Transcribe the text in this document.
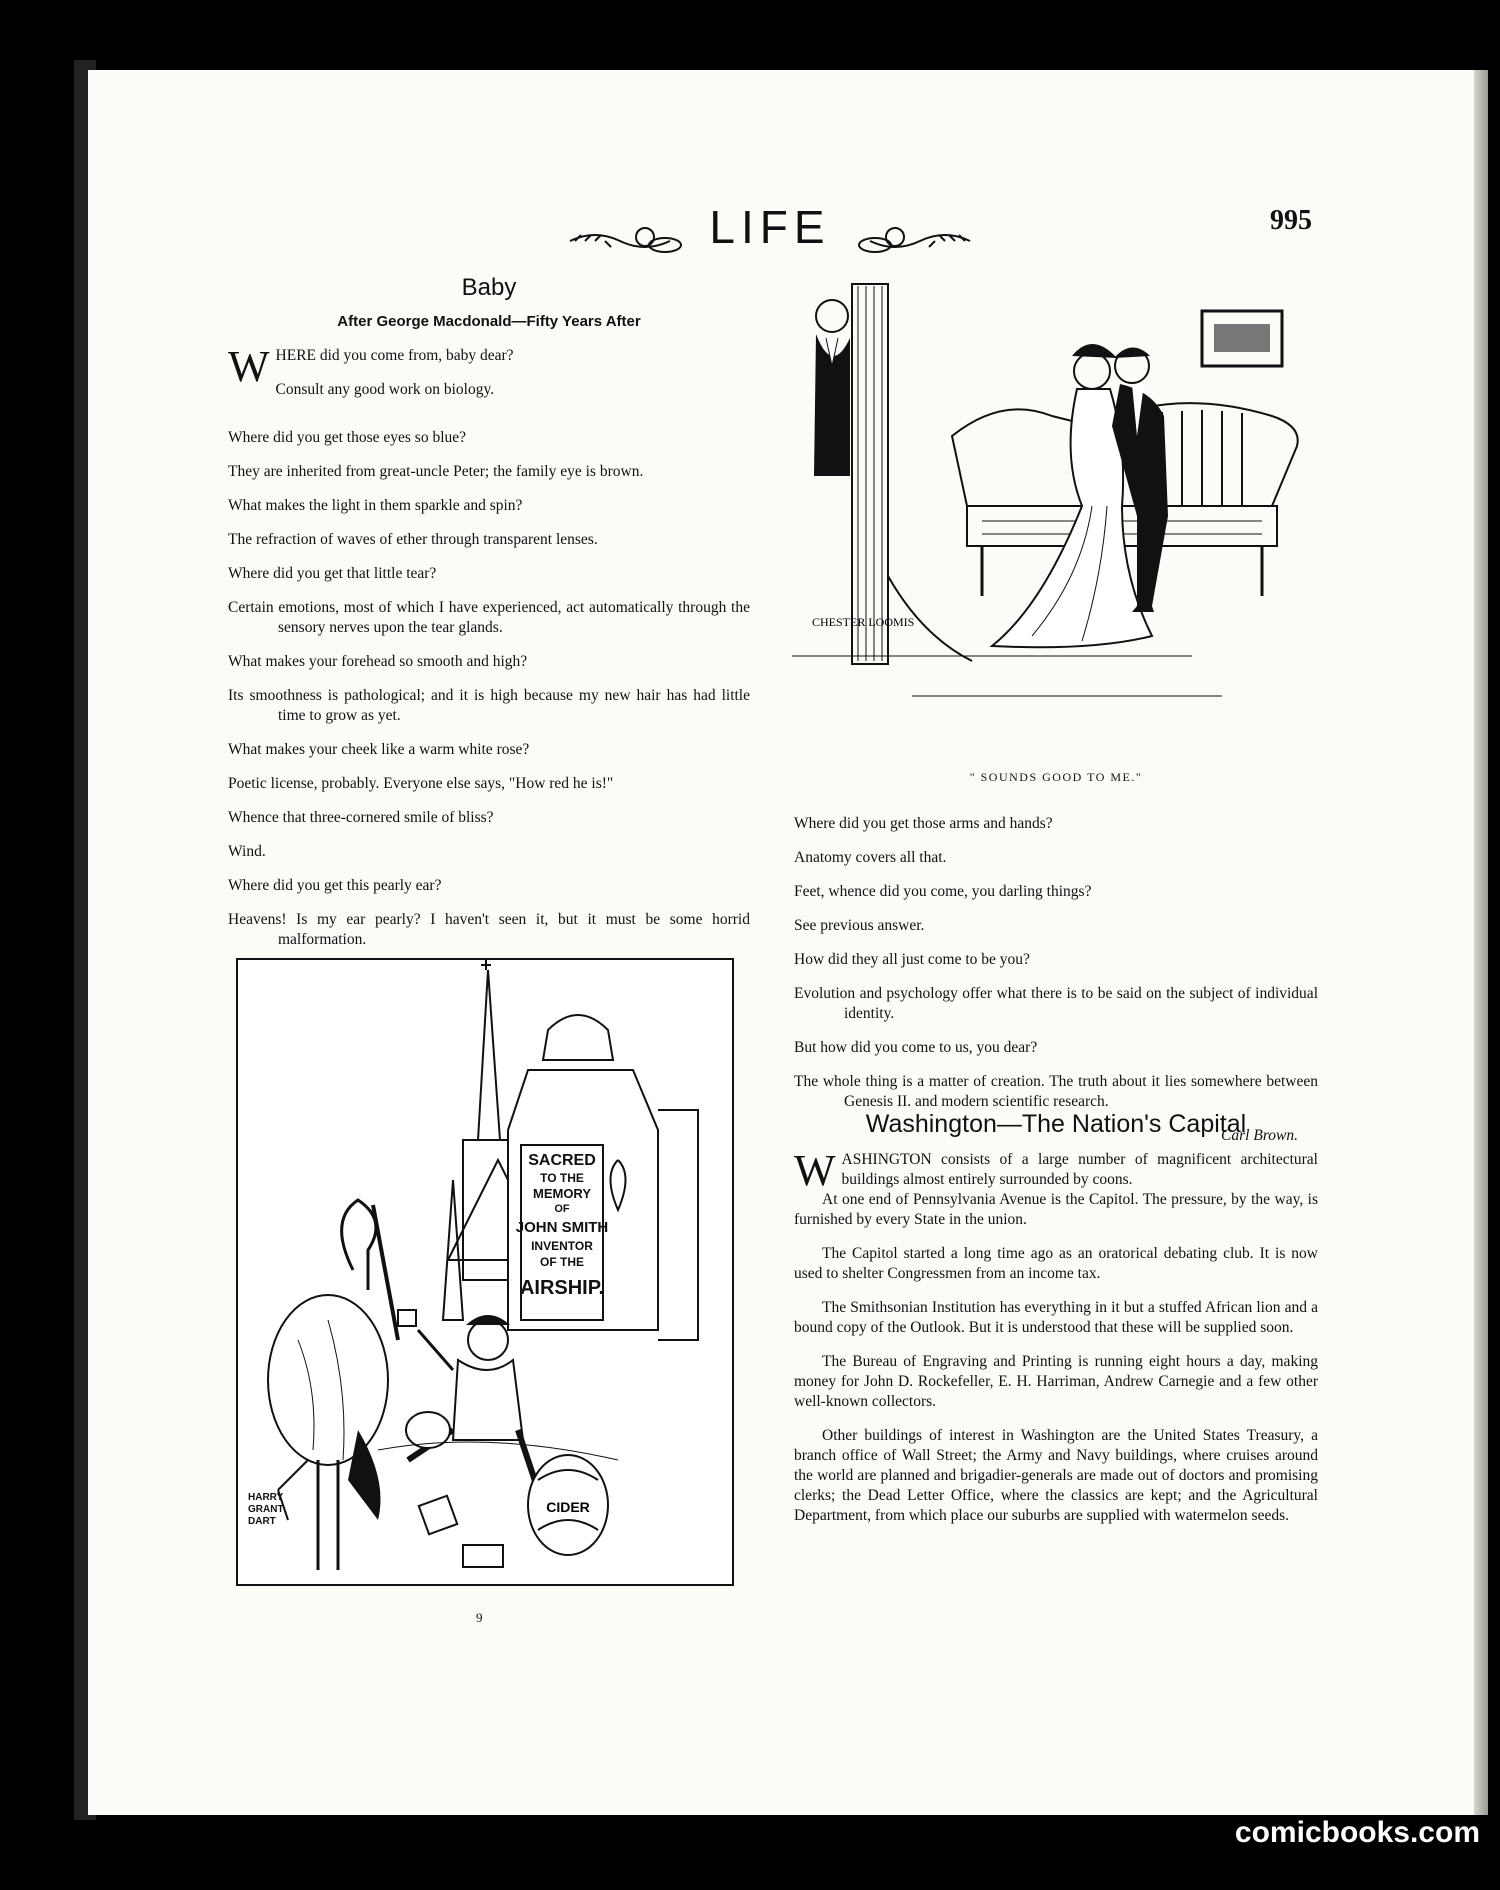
LIFE	995

Baby

After George Macdonald—Fifty Years After

W HERE did you come from, baby dear?

Consult any good work on biology.

Where did you get those eyes so blue?

They are inherited from great-uncle Peter; the family eye is brown.

What makes the light in them sparkle and spin?

The refraction of waves of ether through transparent lenses.

Where did you get that little tear?

Certain emotions, most of which I have experienced, act automatically through the sensory nerves upon the tear glands.

What makes your forehead so smooth and high?

Its smoothness is pathological; and it is high because my new hair has had little time to grow as yet.

What makes your cheek like a warm white rose?

Poetic license, probably. Everyone else says, "How red he is!"

Whence that three-cornered smile of bliss?

Wind.

Where did you get this pearly ear?

Heavens! Is my ear pearly? I haven't seen it, but it must be some horrid malformation.

CHESTER LOOMIS
" SOUNDS GOOD TO ME."

Where did you get those arms and hands?

Anatomy covers all that.

Feet, whence did you come, you darling things?

See previous answer.

How did they all just come to be you?

Evolution and psychology offer what there is to be said on the subject of individual identity.

But how did you come to us, you dear?

The whole thing is a matter of creation. The truth about it lies somewhere between Genesis II. and modern scientific research.

Carl Brown.

Washington—The Nation's Capital

W ASHINGTON consists of a large number of magnificent architectural buildings almost entirely surrounded by coons.

At one end of Pennsylvania Avenue is the Capitol. The pressure, by the way, is furnished by every State in the union.

The Capitol started a long time ago as an oratorical debating club. It is now used to shelter Congressmen from an income tax.

The Smithsonian Institution has everything in it but a stuffed African lion and a bound copy of the Outlook. But it is understood that these will be supplied soon.

The Bureau of Engraving and Printing is running eight hours a day, making money for John D. Rockefeller, E. H. Harriman, Andrew Carnegie and a few other well-known collectors.

Other buildings of interest in Washington are the United States Treasury, a branch office of Wall Street; the Army and Navy buildings, where cruises around the world are planned and brigadier-generals are made out of doctors and promising clerks; the Dead Letter Office, where the classics are kept; and the Agricultural Department, from which place our suburbs are supplied with watermelon seeds.

SACRED
TO THE
MEMORY
OF
JOHN SMITH
INVENTOR
OF THE
AIRSHIP.
CIDER
HARRY
GRANT
DART
9
comicbooks.com
